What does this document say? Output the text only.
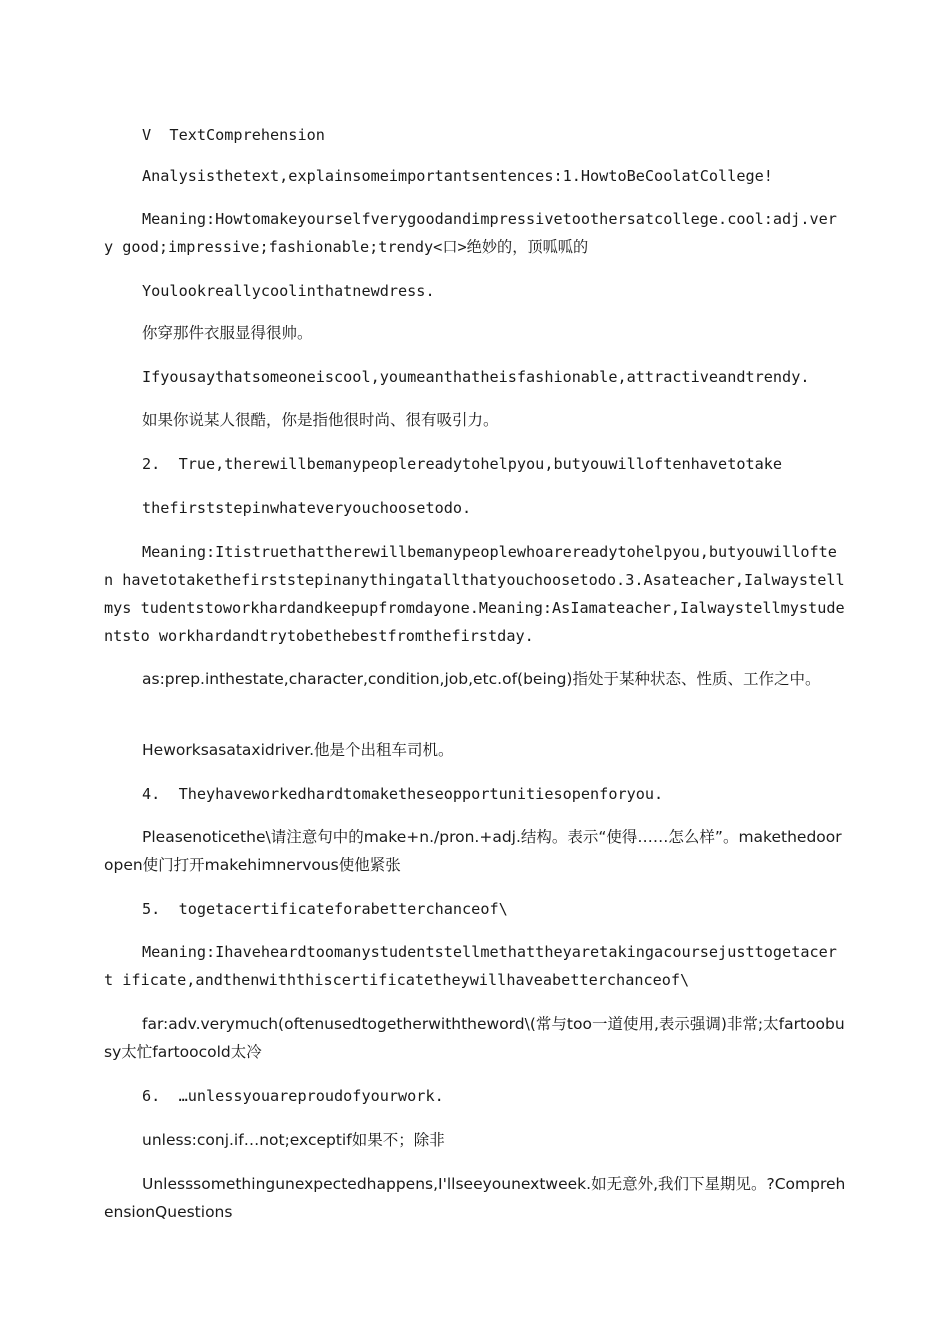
V  TextComprehension

Analysisthetext,explainsomeimportantsentences:1.HowtoBeCoolatCollege!

Meaning:Howtomakeyourselfverygoodandimpressivetoothersatcollege.cool:adj.very good;impressive;fashionable;trendy<口>绝妙的，顶呱呱的

Youlookreallycoolinthatnewdress.

你穿那件衣服显得很帅。

Ifyousaythatsomeoneiscool,youmeanthatheisfashionable,attractiveandtrendy.

如果你说某人很酷，你是指他很时尚、很有吸引力。

2.  True,therewillbemanypeoplereadytohelpyou,butyouwilloftenhavetotake

thefirststepinwhateveryouchoosetodo.

Meaning:Itistruethattherewillbemanypeoplewhoarereadytohelpyou,butyouwilloften havetotakethefirststepinanythingatallthatyouchoosetodo.3.Asateacher,Ialwaystellmys tudentstoworkhardandkeepupfromdayone.Meaning:AsIamateacher,Ialwaystellmystudentsto workhardandtrytobethebestfromthefirstday.

as:prep.inthestate,character,condition,job,etc.of(being)指处于某种状态、性质、工作之中。

Heworksasataxidriver.他是个出租车司机。

4.  Theyhaveworkedhardtomaketheseopportunitiesopenforyou.

Pleasenoticethe\请注意句中的make+n./pron.+adj.结构。表示“使得……怎么样”。makethedooropen使门打开makehimnervous使他紧张

5.  togetacertificateforabetterchanceof\

Meaning:Ihaveheardtoomanystudentstellmethattheyaretakingacoursejusttogetacert ificate,andthenwiththiscertificatetheywillhaveabetterchanceof\

far:adv.verymuch(oftenusedtogetherwiththeword\(常与too一道使用,表示强调)非常;太fartoobusy太忙fartoocold太冷

6.  …unlessyouareproudofyourwork.

unless:conj.if…not;exceptif如果不；除非

Unlesssomethingunexpectedhappens,I'llseeyounextweek.如无意外,我们下星期见。?ComprehensionQuestions
